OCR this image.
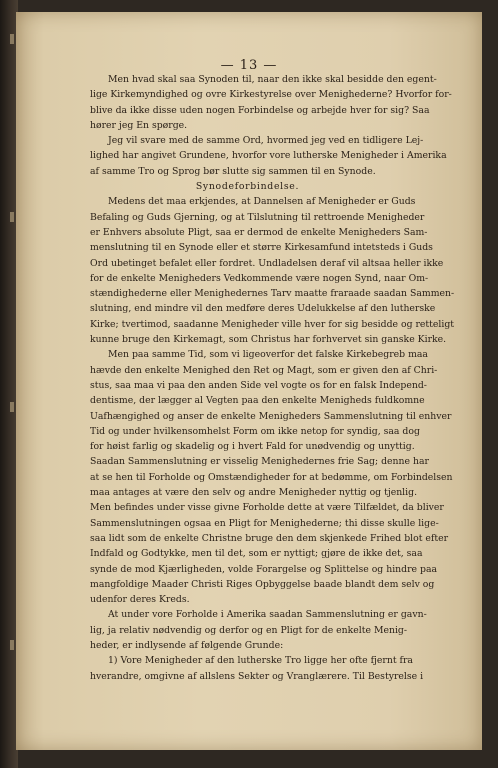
— 13 —
Men hvad skal saa Synoden til, naar den ikke skal besidde den egent-
lige Kirkemyndighed og ovre Kirkestyrelse over Menighederne? Hvorfor for-
blive da ikke disse uden nogen Forbindelse og arbejde hver for sig? Saa
hører jeg En spørge.
Jeg vil svare med de samme Ord, hvormed jeg ved en tidligere Lej-
lighed har angivet Grundene, hvorfor vore lutherske Menigheder i Amerika
af samme Tro og Sprog bør slutte sig sammen til en Synode.
Synodeforbindelse.
Medens det maa erkjendes, at Dannelsen af Menigheder er Guds
Befaling og Guds Gjerning, og at Tilslutning til rettroende Menigheder
er Enhvers absolute Pligt, saa er dermod de enkelte Menigheders Sam-
menslutning til en Synode eller et større Kirkesamfund intetsteds i Guds
Ord ubetinget befalet eller fordret. Undladelsen deraf vil altsaa heller ikke
for de enkelte Menigheders Vedkommende være nogen Synd, naar Om-
stændighederne eller Menighedernes Tarv maatte fraraade saadan Sammen-
slutning, end mindre vil den medføre deres Udelukkelse af den lutherske
Kirke; tvertimod, saadanne Menigheder ville hver for sig besidde og retteligt
kunne bruge den Kirkemagt, som Christus har forhvervet sin ganske Kirke.
Men paa samme Tid, som vi ligeoverfor det falske Kirkebegreb maa
hævde den enkelte Menighed den Ret og Magt, som er given den af Chri-
stus, saa maa vi paa den anden Side vel vogte os for en falsk Independ-
dentisme, der lægger al Vegten paa den enkelte Menigheds fuldkomne
Uafhængighed og anser de enkelte Menigheders Sammenslutning til enhver
Tid og under hvilkensomhelst Form om ikke netop for syndig, saa dog
for høist farlig og skadelig og i hvert Fald for unødvendig og unyttig.
Saadan Sammenslutning er visselig Menighedernes frie Sag; denne har
at se hen til Forholde og Omstændigheder for at bedømme, om Forbindelsen
maa antages at være den selv og andre Menigheder nyttig og tjenlig.
Men befindes under visse givne Forholde dette at være Tilfældet, da bliver
Sammenslutningen ogsaa en Pligt for Menighederne; thi disse skulle lige-
saa lidt som de enkelte Christne bruge den dem skjenkede Frihed blot efter
Indfald og Godtykke, men til det, som er nyttigt; gjøre de ikke det, saa
synde de mod Kjærligheden, volde Forargelse og Splittelse og hindre paa
mangfoldige Maader Christi Riges Opbyggelse baade blandt dem selv og
udenfor deres Kreds.
At under vore Forholde i Amerika saadan Sammenslutning er gavn-
lig, ja relativ nødvendig og derfor og en Pligt for de enkelte Menig-
heder, er indlysende af følgende Grunde:
1) Vore Menigheder af den lutherske Tro ligge her ofte fjernt fra
hverandre, omgivne af allslens Sekter og Vranglærere. Til Bestyrelse i
